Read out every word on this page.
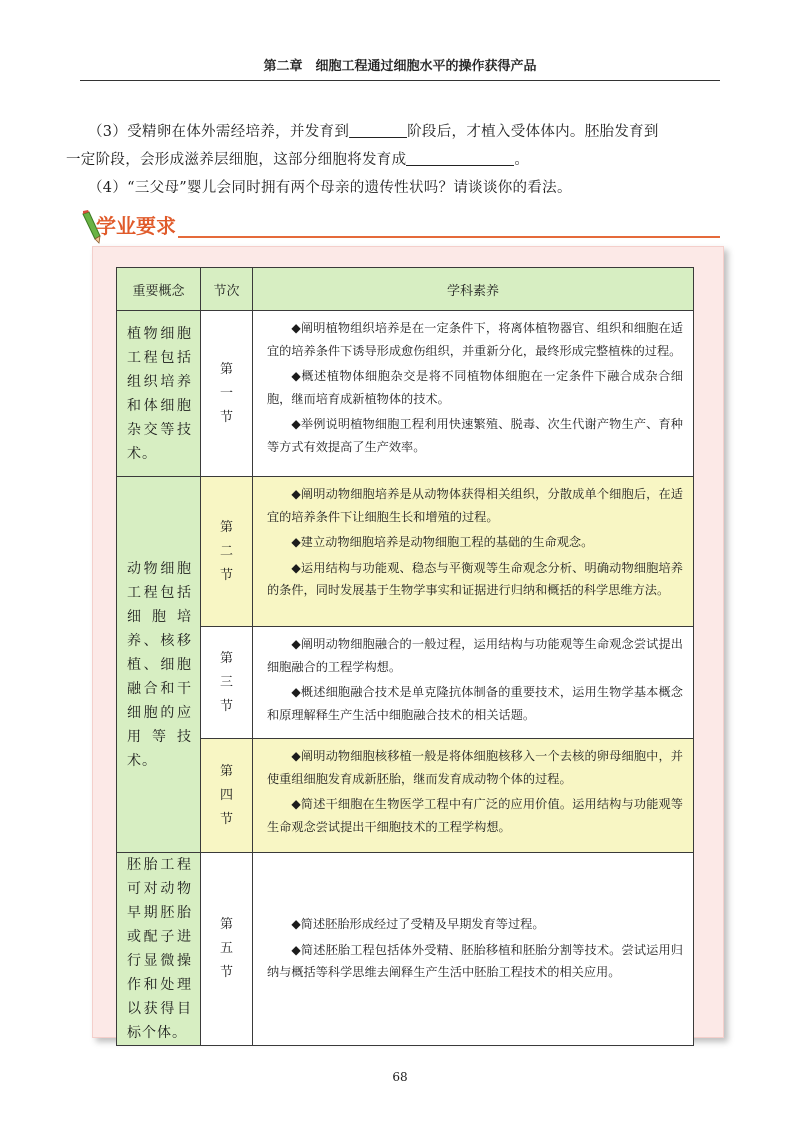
第二章　细胞工程通过细胞水平的操作获得产品
（3）受精卵在体外需经培养，并发育到	阶段后，才植入受体体内。胚胎发育到
一定阶段，会形成滋养层细胞，这部分细胞将发育成	。
（4）“三父母”婴儿会同时拥有两个母亲的遗传性状吗？请谈谈你的看法。
学业要求
重要概念	节次	学科素养
植物细胞工程包括组织培养和体细胞杂交等技术。	第一节	◆阐明植物组织培养是在一定条件下，将离体植物器官、组织和细胞在适宜的培养条件下诱导形成愈伤组织，并重新分化，最终形成完整植株的过程。

◆概述植物体细胞杂交是将不同植物体细胞在一定条件下融合成杂合细胞，继而培育成新植物体的技术。

◆举例说明植物细胞工程利用快速繁殖、脱毒、次生代谢产物生产、育种等方式有效提高了生产效率。

动物细胞工程包括细胞培养、核移植、细胞融合和干细胞的应用等技术。	第二节	◆阐明动物细胞培养是从动物体获得相关组织，分散成单个细胞后，在适宜的培养条件下让细胞生长和增殖的过程。

◆建立动物细胞培养是动物细胞工程的基础的生命观念。

◆运用结构与功能观、稳态与平衡观等生命观念分析、明确动物细胞培养的条件，同时发展基于生物学事实和证据进行归纳和概括的科学思维方法。

	第三节	◆阐明动物细胞融合的一般过程，运用结构与功能观等生命观念尝试提出细胞融合的工程学构想。

◆概述细胞融合技术是单克隆抗体制备的重要技术，运用生物学基本概念和原理解释生产生活中细胞融合技术的相关话题。

	第四节	◆阐明动物细胞核移植一般是将体细胞核移入一个去核的卵母细胞中，并使重组细胞发育成新胚胎，继而发育成动物个体的过程。

◆简述干细胞在生物医学工程中有广泛的应用价值。运用结构与功能观等生命观念尝试提出干细胞技术的工程学构想。

胚胎工程可对动物早期胚胎或配子进行显微操作和处理以获得目标个体。	第五节	◆简述胚胎形成经过了受精及早期发育等过程。

◆简述胚胎工程包括体外受精、胚胎移植和胚胎分割等技术。尝试运用归纳与概括等科学思维去阐释生产生活中胚胎工程技术的相关应用。

68
